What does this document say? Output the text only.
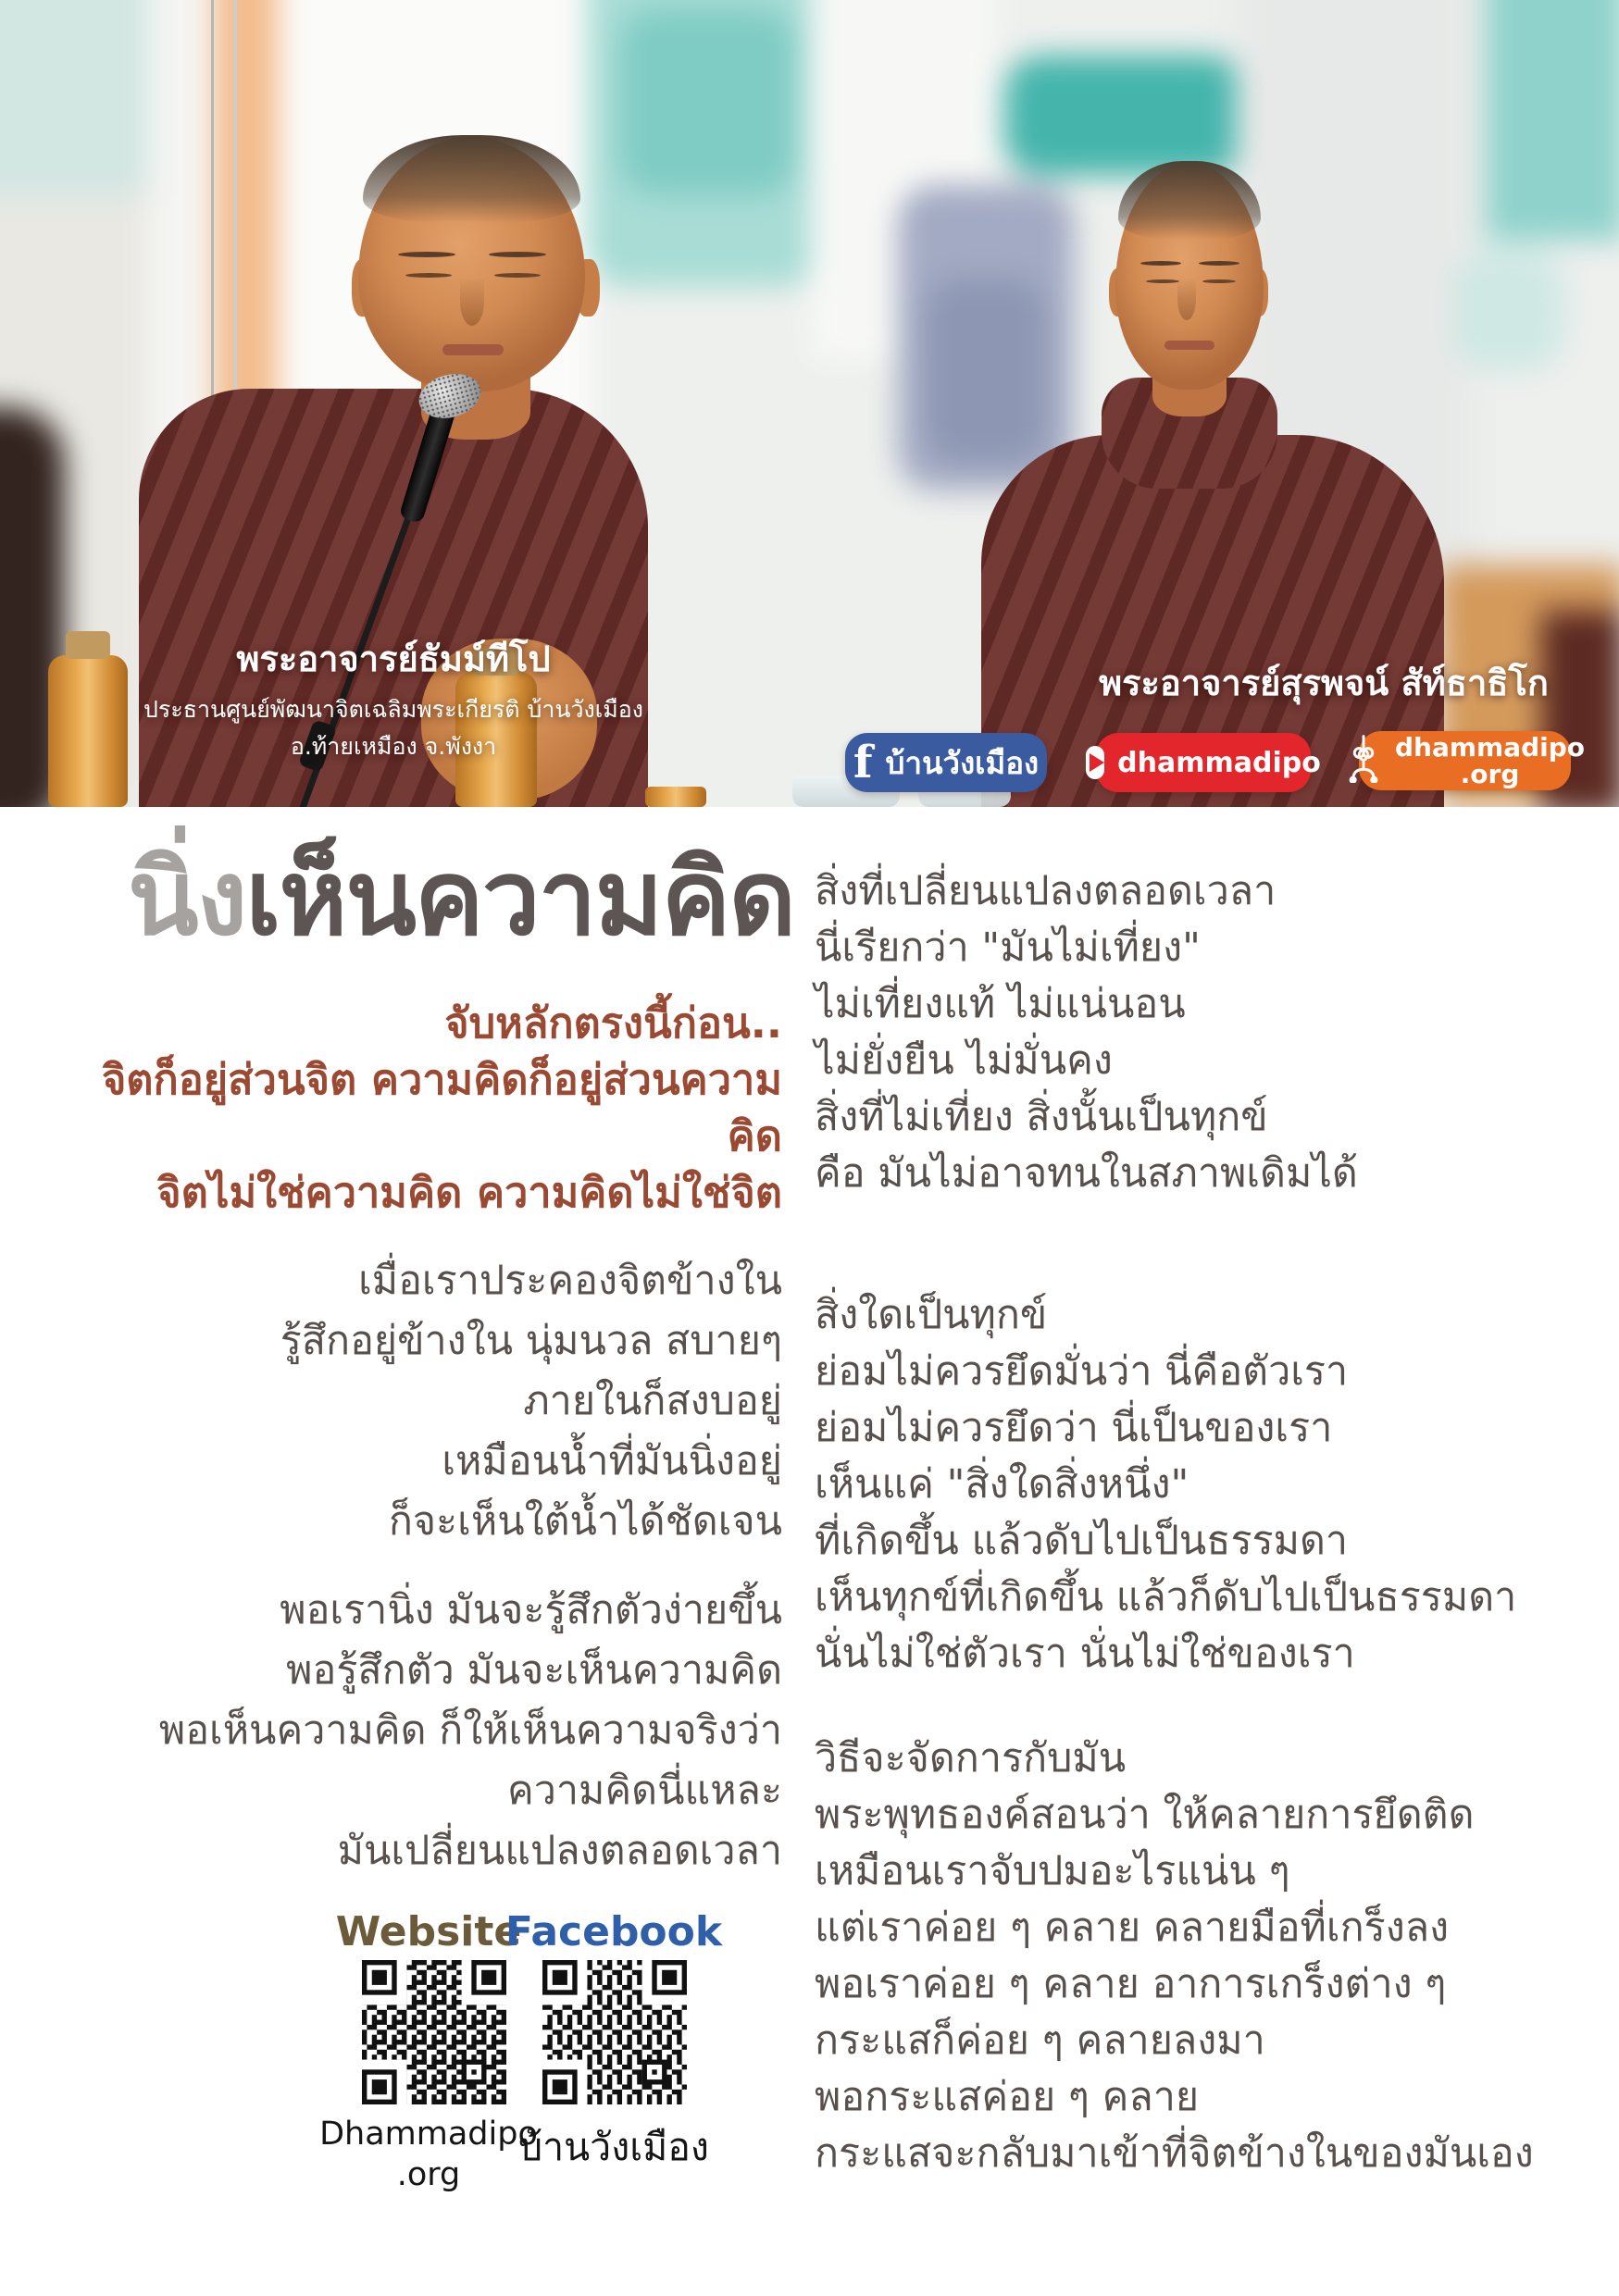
พระอาจารย์ธัมม์ทีโป
ประธานศูนย์พัฒนาจิตเฉลิมพระเกียรติ บ้านวังเมือง
อ.ท้ายเหมือง จ.พังงา
พระอาจารย์สุรพจน์ สัท์ธาธิโก
f บ้านวังเมือง	dhammadipo	dhammadipo
.org
นิ่งเห็นความคิด
จับหลักตรงนี้ก่อน..
จิตก็อยู่ส่วนจิต ความคิดก็อยู่ส่วนความคิด
จิตไม่ใช่ความคิด ความคิดไม่ใช่จิต
เมื่อเราประคองจิตข้างใน
รู้สึกอยู่ข้างใน นุ่มนวล สบายๆ
ภายในก็สงบอยู่
เหมือนน้ำที่มันนิ่งอยู่
ก็จะเห็นใต้น้ำได้ชัดเจน
พอเรานิ่ง มันจะรู้สึกตัวง่ายขึ้น
พอรู้สึกตัว มันจะเห็นความคิด
พอเห็นความคิด ก็ให้เห็นความจริงว่า
ความคิดนี่แหละ
มันเปลี่ยนแปลงตลอดเวลา
สิ่งที่เปลี่ยนแปลงตลอดเวลา
นี่เรียกว่า "มันไม่เที่ยง"
ไม่เที่ยงแท้ ไม่แน่นอน
ไม่ยั่งยืน ไม่มั่นคง
สิ่งที่ไม่เที่ยง สิ่งนั้นเป็นทุกข์
คือ มันไม่อาจทนในสภาพเดิมได้
สิ่งใดเป็นทุกข์
ย่อมไม่ควรยึดมั่นว่า นี่คือตัวเรา
ย่อมไม่ควรยึดว่า นี่เป็นของเรา
เห็นแค่ "สิ่งใดสิ่งหนึ่ง"
ที่เกิดขึ้น แล้วดับไปเป็นธรรมดา
เห็นทุกข์ที่เกิดขึ้น แล้วก็ดับไปเป็นธรรมดา
นั่นไม่ใช่ตัวเรา นั่นไม่ใช่ของเรา
วิธีจะจัดการกับมัน
พระพุทธองค์สอนว่า ให้คลายการยึดติด
เหมือนเราจับปมอะไรแน่น ๆ
แต่เราค่อย ๆ คลาย คลายมือที่เกร็งลง
พอเราค่อย ๆ คลาย อาการเกร็งต่าง ๆ
กระแสก็ค่อย ๆ คลายลงมา
พอกระแสค่อย ๆ คลาย
กระแสจะกลับมาเข้าที่จิตข้างในของมันเอง
Website
Facebook
Dhammadipo
.org
บ้านวังเมือง
